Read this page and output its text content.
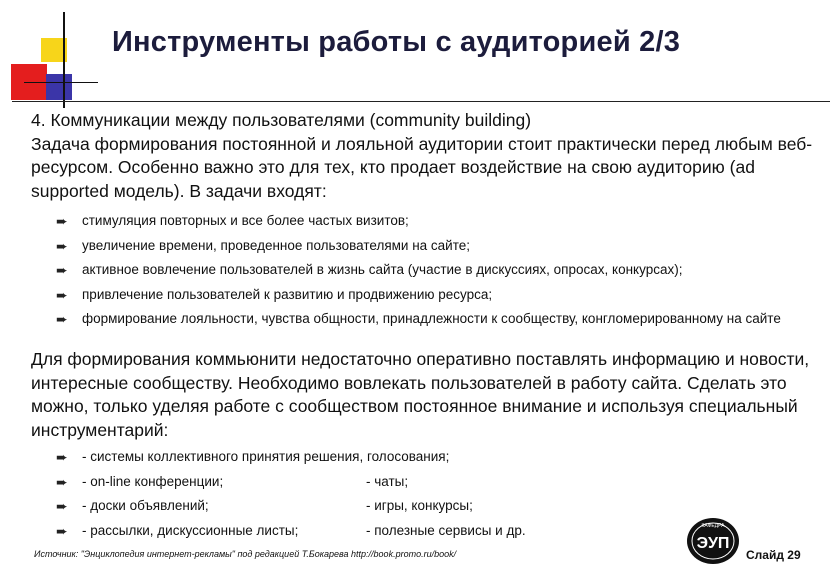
Инструменты работы с аудиторией 2/3
4. Коммуникации между пользователями (community building)
Задача формирования постоянной и лояльной аудитории стоит практически перед любым веб-ресурсом. Особенно важно это для тех, кто продает воздействие на свою аудиторию (ad supported модель). В задачи входят:
➨ стимуляция повторных и все более частых визитов;
➨ увеличение времени, проведенное пользователями на сайте;
➨ активное вовлечение пользователей в жизнь сайта (участие в дискуссиях, опросах, конкурсах);
➨ привлечение пользователей к развитию и продвижению ресурса;
➨ формирование лояльности, чувства общности, принадлежности к сообществу, конгломерированному на сайте
Для формирования коммьюнити недостаточно оперативно поставлять информацию и новости, интересные сообществу. Необходимо вовлекать пользователей в работу сайта. Сделать это можно, только уделяя работе с сообществом постоянное внимание и используя специальный инструментарий:
➨ - системы коллективного принятия решения, голосования;
➨ - on-line конференции;	- чаты;
➨ - доски объявлений;	- игры, конкурсы;
➨ - рассылки, дискуссионные листы;	- полезные сервисы и др.
Источник: "Энциклопедия интернет-рекламы" под редакцией Т.Бокарева http://book.promo.ru/book/
КАФЕДРА
ЭУП
Слайд 29
